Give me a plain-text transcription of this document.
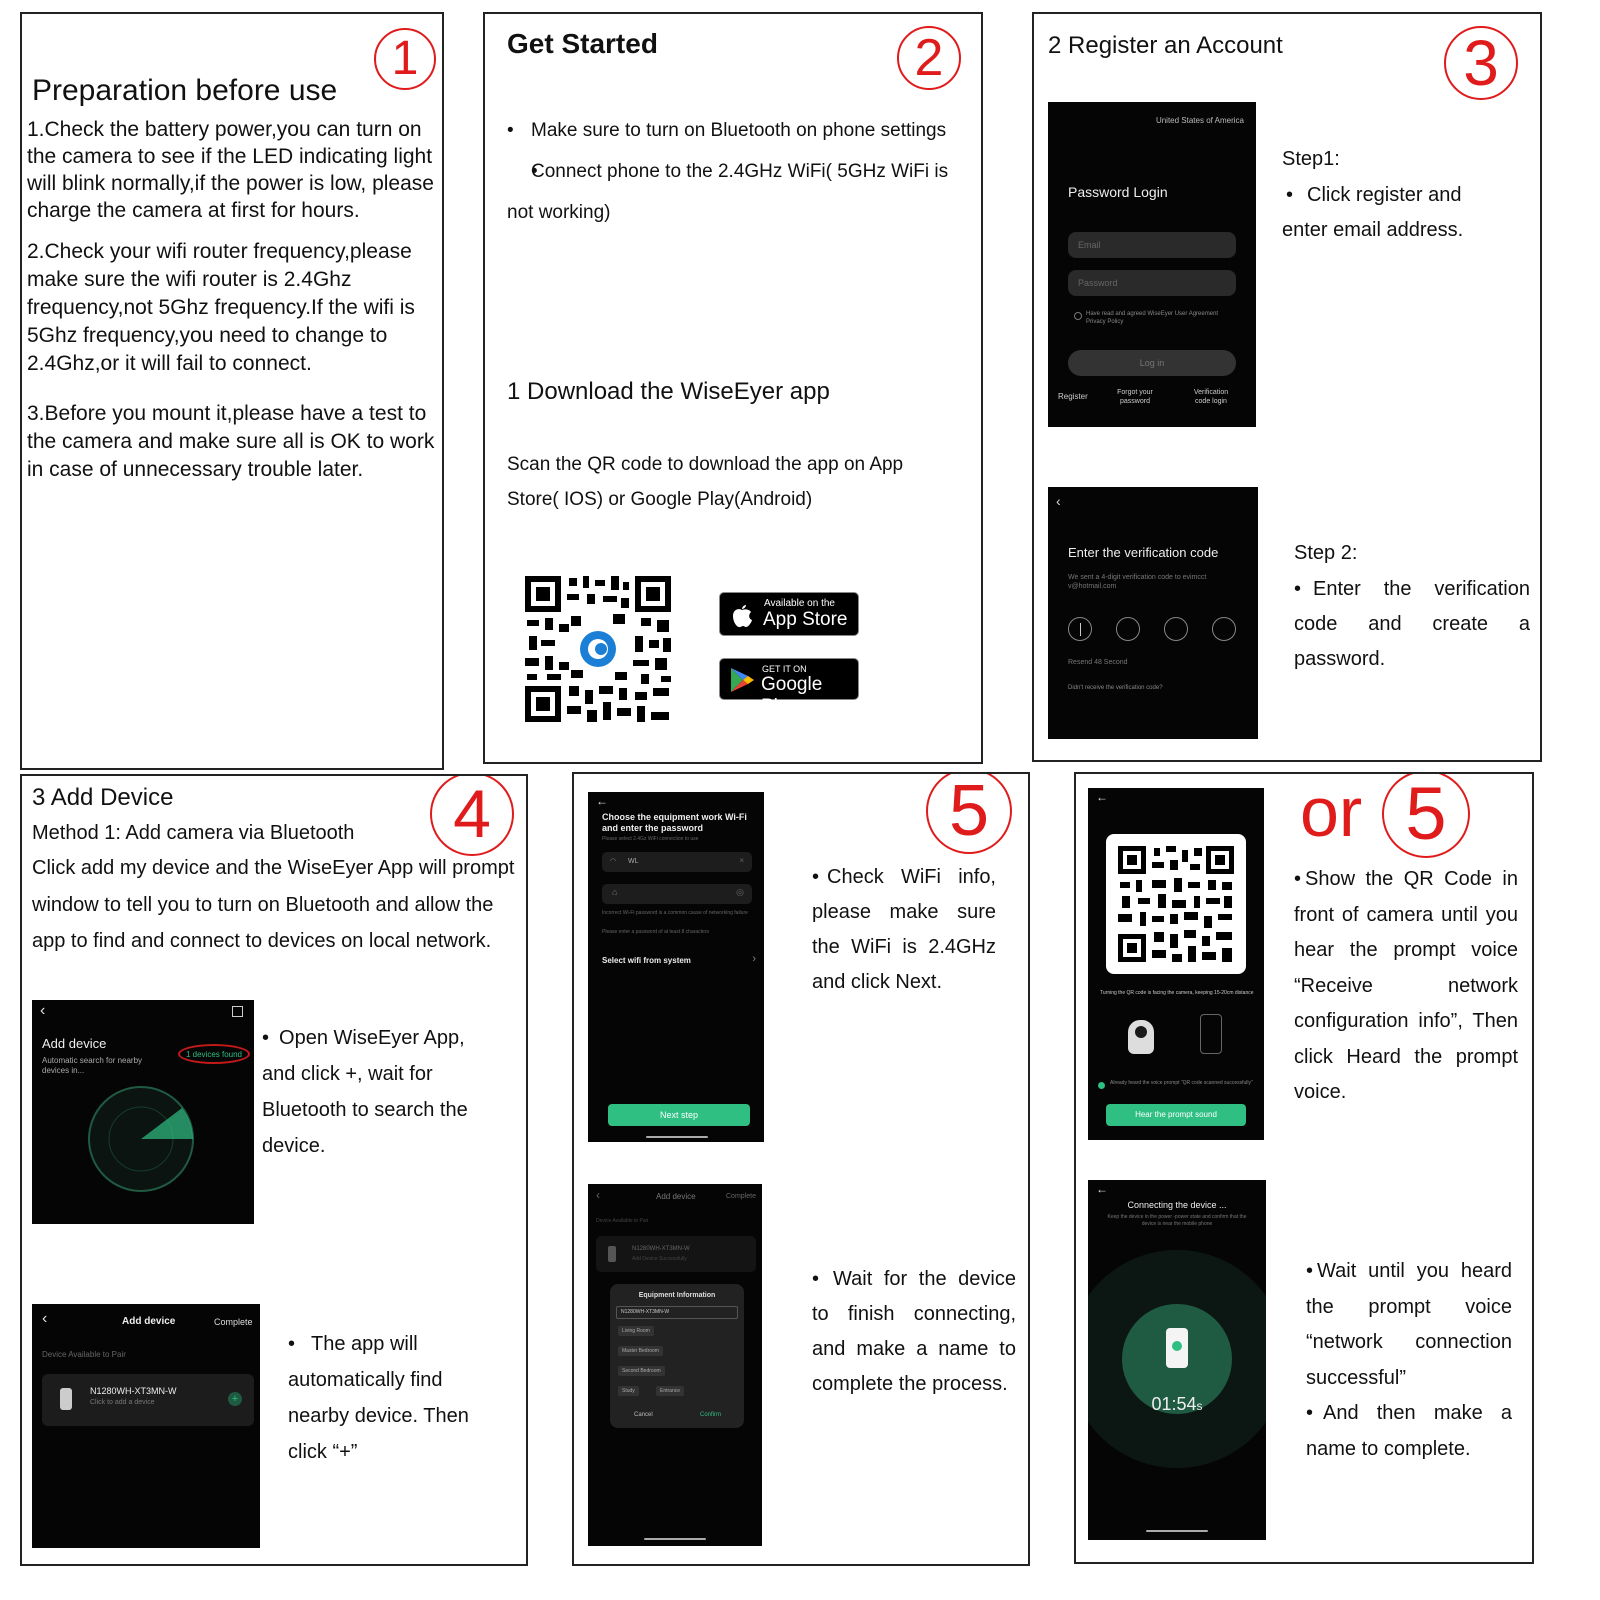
1
Preparation before use
1.Check the battery power,you can turn on the camera to see if the LED indicating light will blink normally,if the power is low, please charge the camera at first for hours.
2.Check your wifi router frequency,please make sure the wifi router is 2.4Ghz frequency,not 5Ghz frequency.If the wifi is 5Ghz frequency,you need to change to 2.4Ghz,or it will fail to connect.
3.Before you mount it,please have a test to the camera and make sure all is OK to work in case of unnecessary trouble later.
2
Get Started
• Make sure to turn on Bluetooth on phone settings
• Connect phone to the 2.4GHz WiFi( 5GHz WiFi is not working)
1 Download the WiseEyer app
Scan the QR code to download the app on App Store( IOS) or Google Play(Android)
Available on the
App Store
GET IT ON
Google Play
3
2 Register an Account
United States of America
Password Login
Email
Password
Have read and agreed WiseEyer User Agreement Privacy Policy
Log in
Register	Forgot your password
Verification code login
Step1:
• Click register and enter email address.
‹
Enter the verification code
We sent a 4-digit verification code to evimcct v@hotmail.com
Resend 48 Second
Didn't receive the verification code?
Step 2:
• Enter the verification code and create a password.
4
3 Add Device
Method 1: Add camera via Bluetooth
Click add my device and the WiseEyer App will prompt window to tell you to turn on Bluetooth and allow the app to find and connect to devices on local network.
‹
Add device
Automatic search for nearby devices in...
1 devices found
• Open WiseEyer App, and click +, wait for Bluetooth to search the device.
‹	Add device	Complete
Device Available to Pair
N1280WH-XT3MN-W
Click to add a device	+
• The app will automatically find nearby device. Then click “+”
5
←
Choose the equipment work Wi-Fi and enter the password
Please select 2.4Gz WiFi connection to use
◠ WL	×
⌂	◎
Incorrect Wi-Fi password is a common cause of networking failure
Please enter a password of at least 8 characters
Select wifi from system	›
Next step
• Check WiFi info, please make sure the WiFi is 2.4GHz and click Next.
‹	Add device	Complete
Device Available to Pair
N1280WH-XT3MN-W
Add Device Successfully
Equipment Information
N1280WH-XT3MN-W
Living Room
Master Bedroom
Second Bedroom
Study	Entrance
Cancel	Confirm
• Wait for the device to finish connecting, and make a name to complete the process.
or 5
←
Turning the QR code is facing the camera, keeping 15-20cm distance
Already heard the voice prompt "QR code scanned successfully"
Hear the prompt sound
• Show the QR Code in front of camera until you hear the prompt voice “Receive network configuration info”, Then click Heard the prompt voice.
←
Connecting the device ...
Keep the device in the power -power state and confirm that the device is near the mobile phone
01:54s
• Wait until you heard the prompt voice “network connection successful”
• And then make a name to complete.
